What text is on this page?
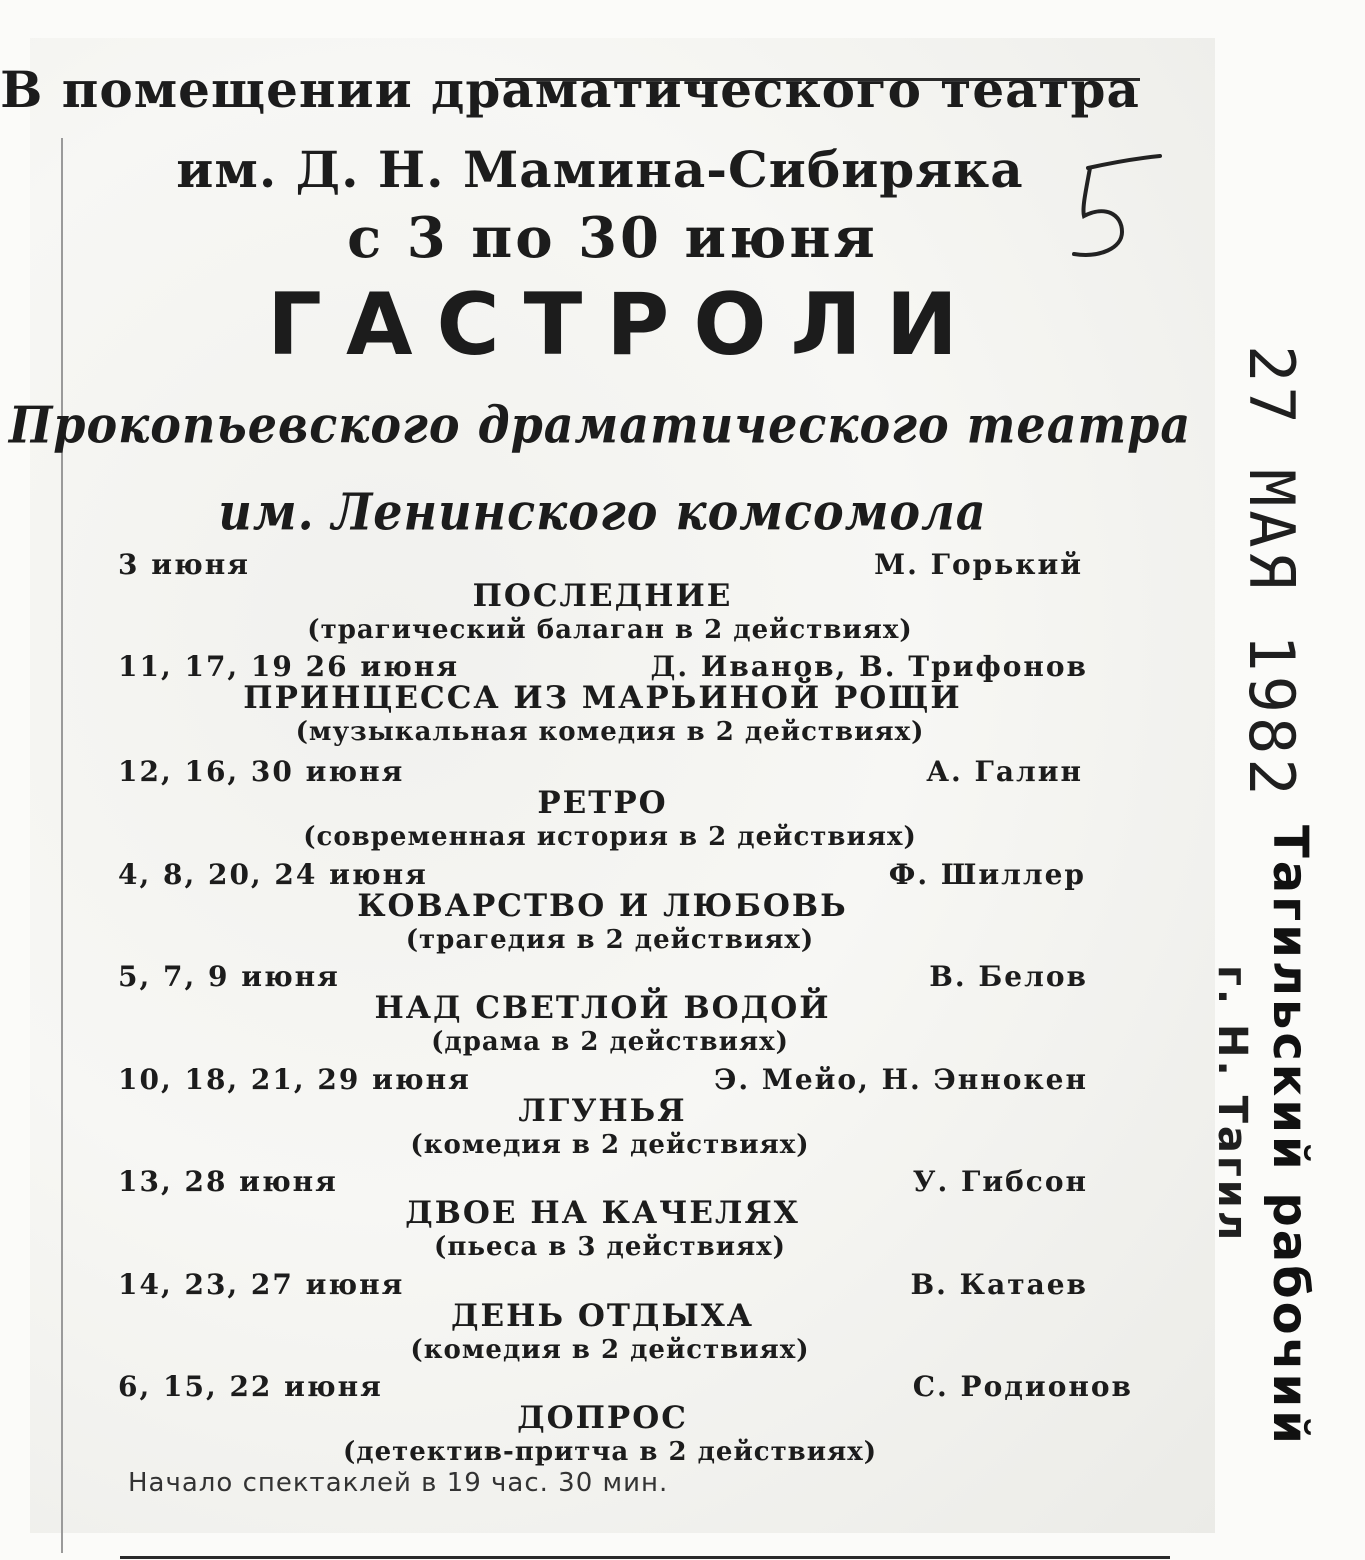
В помещении драматического театра
им. Д. Н. Мамина-Сибиряка
с 3 по 30 июня
ГАСТРОЛИ
Прокопьевского драматического театра
им. Ленинского комсомола
3 июня	М. Горький
ПОСЛЕДНИЕ
(трагический балаган в 2 действиях)
11, 17, 19 26 июня	Д. Иванов, В. Трифонов
ПРИНЦЕССА ИЗ МАРЬИНОЙ РОЩИ
(музыкальная комедия в 2 действиях)
12, 16, 30 июня	А. Галин
РЕТРО
(современная история в 2 действиях)
4, 8, 20, 24 июня	Ф. Шиллер
КОВАРСТВО И ЛЮБОВЬ
(трагедия в 2 действиях)
5, 7, 9 июня	В. Белов
НАД СВЕТЛОЙ ВОДОЙ
(драма в 2 действиях)
10, 18, 21, 29 июня	Э. Мейо, Н. Эннокен
ЛГУНЬЯ
(комедия в 2 действиях)
13, 28 июня	У. Гибсон
ДВОЕ НА КАЧЕЛЯХ
(пьеса в 3 действиях)
14, 23, 27 июня	В. Катаев
ДЕНЬ ОТДЫХА
(комедия в 2 действиях)
6, 15, 22 июня	С. Родионов
ДОПРОС
(детектив-притча в 2 действиях)
Начало спектаклей в 19 час. 30 мин.
27 МАЯ 1982
г. Н. Тагил Тагильский рабочий
